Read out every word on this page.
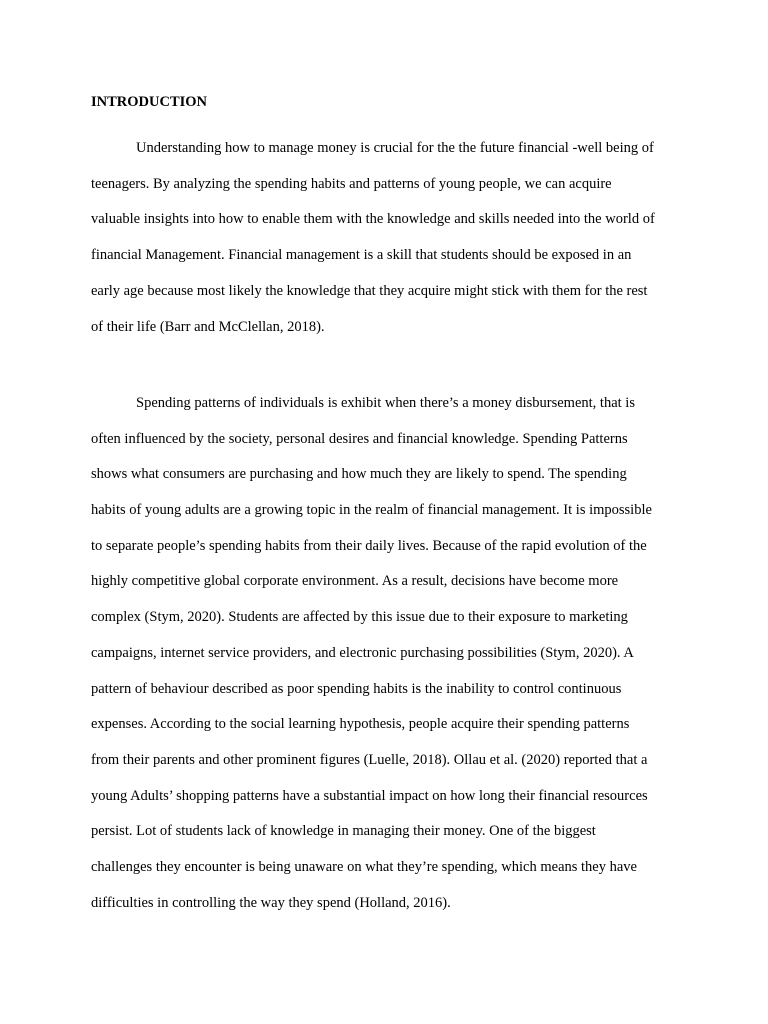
INTRODUCTION
Understanding how to manage money is crucial for the the future financial -well being of
teenagers. By analyzing the spending habits and patterns of young people, we can acquire
valuable insights into how to enable them with the knowledge and skills needed into the world of
financial Management. Financial management is a skill that students should be exposed in an
early age because most likely the knowledge that they acquire might stick with them for the rest
of their life (Barr and McClellan, 2018).
Spending patterns of individuals is exhibit when there’s a money disbursement, that is
often influenced by the society, personal desires and financial knowledge. Spending Patterns
shows what consumers are purchasing and how much they are likely to spend. The spending
habits of young adults are a growing topic in the realm of financial management. It is impossible
to separate people’s spending habits from their daily lives. Because of the rapid evolution of the
highly competitive global corporate environment. As a result, decisions have become more
complex (Stym, 2020). Students are affected by this issue due to their exposure to marketing
campaigns, internet service providers, and electronic purchasing possibilities (Stym, 2020). A
pattern of behaviour described as poor spending habits is the inability to control continuous
expenses. According to the social learning hypothesis, people acquire their spending patterns
from their parents and other prominent figures (Luelle, 2018). Ollau et al. (2020) reported that a
young Adults’ shopping patterns have a substantial impact on how long their financial resources
persist. Lot of students lack of knowledge in managing their money. One of the biggest
challenges they encounter is being unaware on what they’re spending, which means they have
difficulties in controlling the way they spend (Holland, 2016).
